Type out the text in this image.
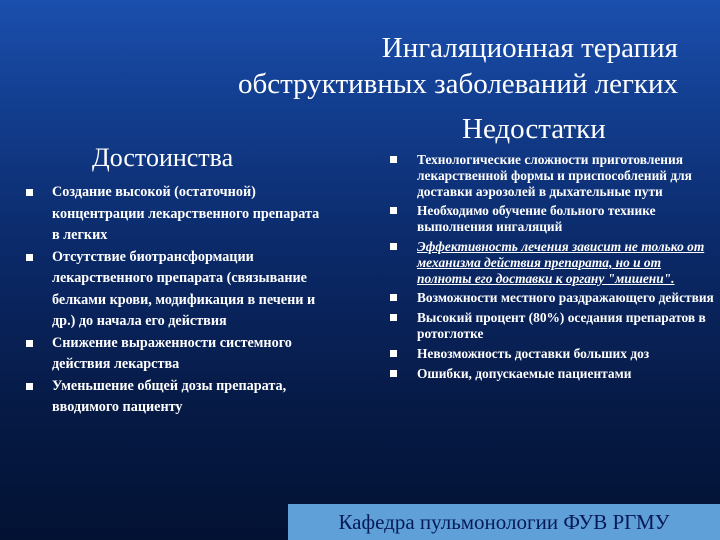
Ингаляционная терапия
обструктивных заболеваний легких
Достоинства
Недостатки
Создание высокой (остаточной) концентрации лекарственного препарата в легких
Отсутствие биотрансформации лекарственного препарата (связывание белками крови, модификация в печени и др.) до начала его действия
Снижение выраженности системного действия лекарства
Уменьшение общей дозы препарата, вводимого пациенту
Технологические сложности приготовления лекарственной формы и приспособлений для доставки аэрозолей в дыхательные пути
Необходимо обучение больного технике выполнения ингаляций
Эффективность лечения зависит не только от механизма действия препарата, но и от полноты его доставки к органу "мишени".
Возможности местного раздражающего действия
Высокий процент (80%) оседания препаратов в ротоглотке
Невозможность доставки больших доз
Ошибки, допускаемые пациентами
Кафедра пульмонологии ФУВ РГМУ
